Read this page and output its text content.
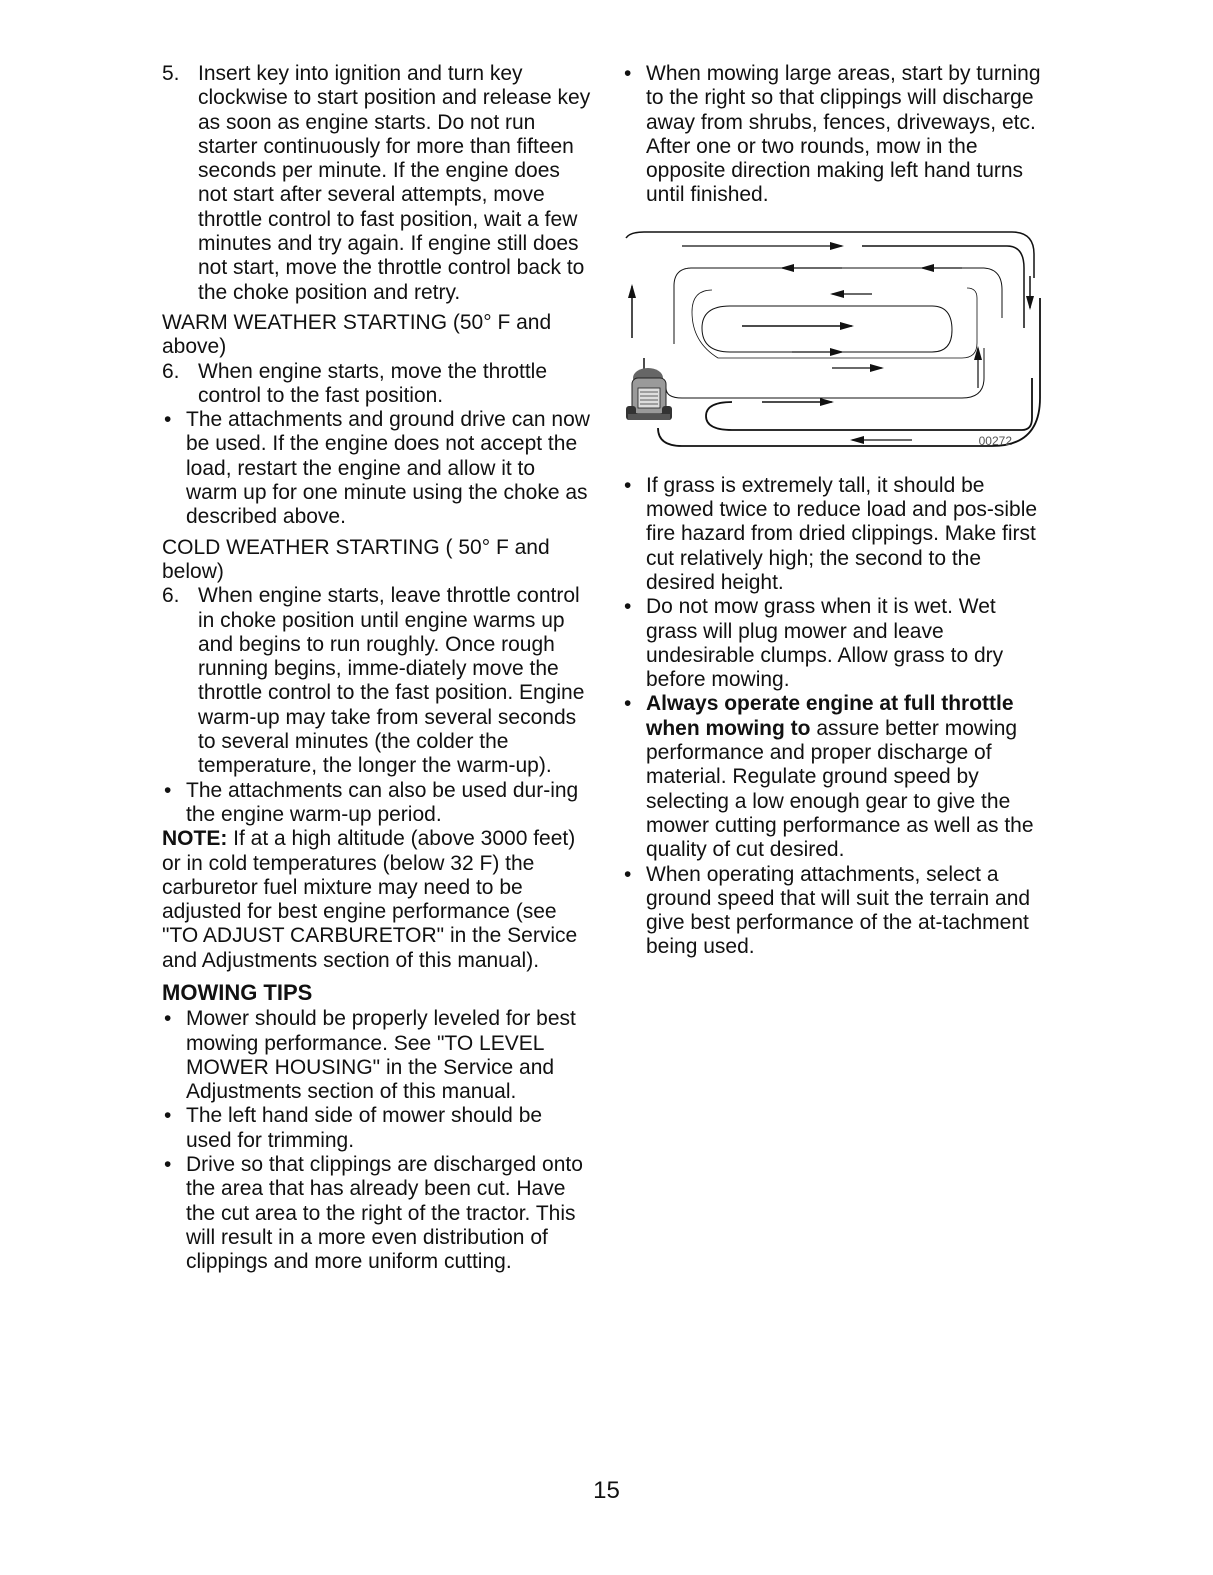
5. Insert key into ignition and turn key clockwise to start position and release key as soon as engine starts. Do not run starter continuously for more than fifteen seconds per minute. If the engine does not start after several attempts, move throttle control to fast position, wait a few minutes and try again. If engine still does not start, move the throttle control back to the choke position and retry.

WARM WEATHER STARTING (50° F and above)

6. When engine starts, move the throttle control to the fast position.

• The attachments and ground drive can now be used. If the engine does not accept the load, restart the engine and allow it to warm up for one minute using the choke as described above.

COLD WEATHER STARTING ( 50° F and below)

6. When engine starts, leave throttle control in choke position until engine warms up and begins to run roughly. Once rough running begins, imme-diately move the throttle control to the fast position. Engine warm-up may take from several seconds to several minutes (the colder the temperature, the longer the warm-up).

• The attachments can also be used dur-ing the engine warm-up period.

NOTE: If at a high altitude (above 3000 feet) or in cold temperatures (below 32 F) the carburetor fuel mixture may need to be adjusted for best engine performance (see "TO ADJUST CARBURETOR" in the Service and Adjustments section of this manual).

MOWING TIPS

• Mower should be properly leveled for best mowing performance. See "TO LEVEL MOWER HOUSING" in the Service and Adjustments section of this manual.

• The left hand side of mower should be used for trimming.

• Drive so that clippings are discharged onto the area that has already been cut. Have the cut area to the right of the tractor. This will result in a more even distribution of clippings and more uniform cutting.

• When mowing large areas, start by turning to the right so that clippings will discharge away from shrubs, fences, driveways, etc. After one or two rounds, mow in the opposite direction making left hand turns until finished.

00272

• If grass is extremely tall, it should be mowed twice to reduce load and pos-sible fire hazard from dried clippings. Make first cut relatively high; the second to the desired height.

• Do not mow grass when it is wet. Wet grass will plug mower and leave undesirable clumps. Allow grass to dry before mowing.

• Always operate engine at full throttle when mowing to assure better mowing performance and proper discharge of material. Regulate ground speed by selecting a low enough gear to give the mower cutting performance as well as the quality of cut desired.

• When operating attachments, select a ground speed that will suit the terrain and give best performance of the at-tachment being used.

15
